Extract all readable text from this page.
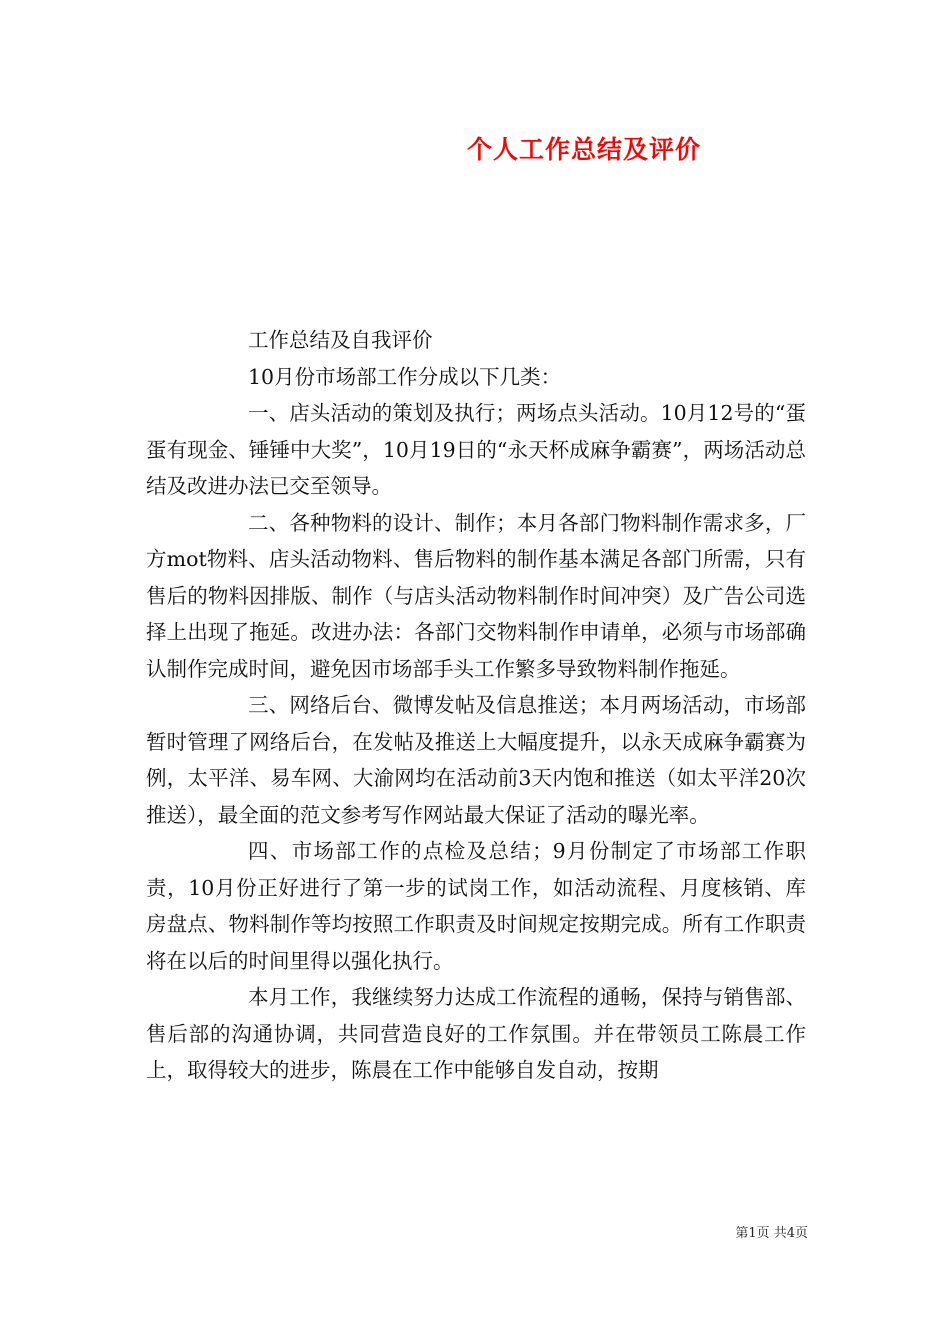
个人工作总结及评价

工作总结及自我评价

10月份市场部工作分成以下几类：

一、店头活动的策划及执行；两场点头活动。10月12号的“蛋蛋有现金、锤锤中大奖”，10月19日的“永天杯成麻争霸赛”，两场活动总结及改进办法已交至领导。

二、各种物料的设计、制作；本月各部门物料制作需求多，厂方mot物料、店头活动物料、售后物料的制作基本满足各部门所需，只有售后的物料因排版、制作（与店头活动物料制作时间冲突）及广告公司选择上出现了拖延。改进办法：各部门交物料制作申请单，必须与市场部确认制作完成时间，避免因市场部手头工作繁多导致物料制作拖延。

三、网络后台、微博发帖及信息推送；本月两场活动，市场部暂时管理了网络后台，在发帖及推送上大幅度提升，以永天成麻争霸赛为例，太平洋、易车网、大渝网均在活动前3天内饱和推送（如太平洋20次推送），最全面的范文参考写作网站最大保证了活动的曝光率。

四、市场部工作的点检及总结；9月份制定了市场部工作职责，10月份正好进行了第一步的试岗工作，如活动流程、月度核销、库房盘点、物料制作等均按照工作职责及时间规定按期完成。所有工作职责将在以后的时间里得以强化执行。

本月工作，我继续努力达成工作流程的通畅，保持与销售部、售后部的沟通协调，共同营造良好的工作氛围。并在带领员工陈晨工作上，取得较大的进步，陈晨在工作中能够自发自动，按期

第1页 共4页
